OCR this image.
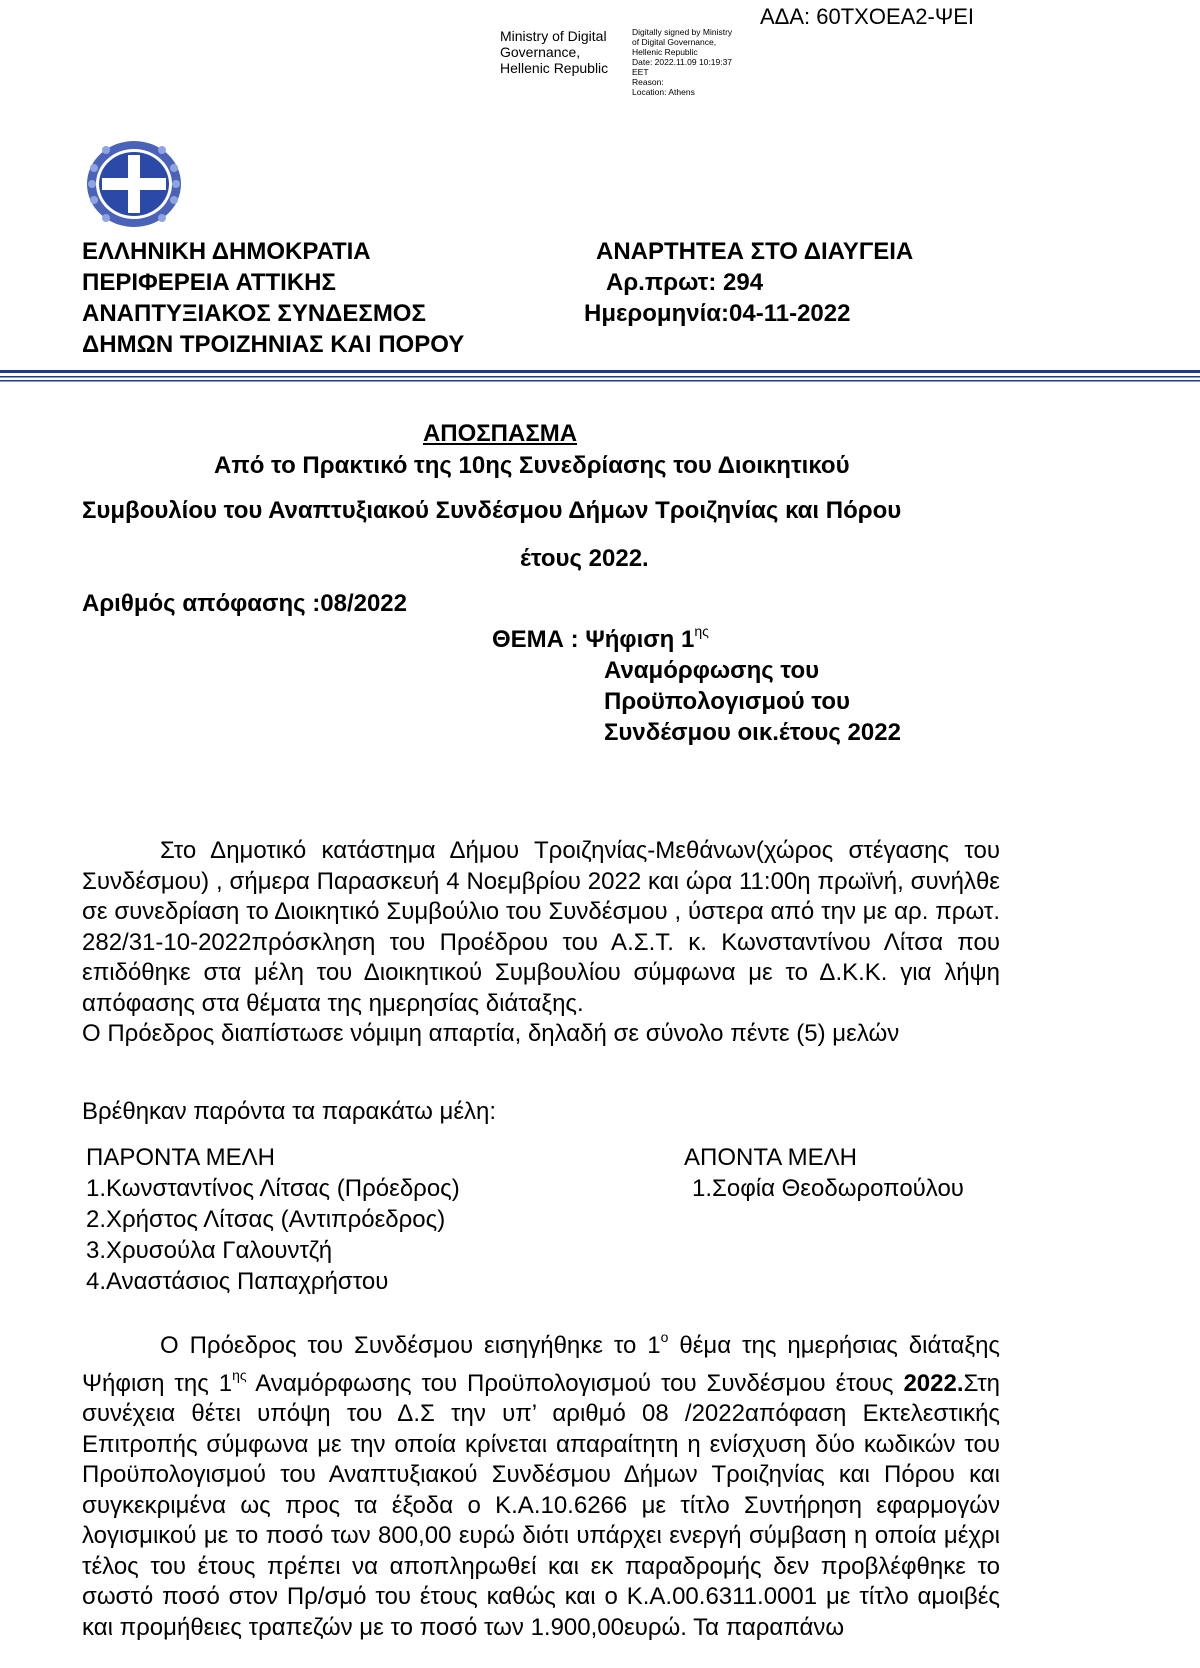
ΑΔΑ: 60ΤΧΟΕΑ2-ΨΕΙ
Ministry of Digital
Governance,
Hellenic Republic
Digitally signed by Ministry
of Digital Governance,
Hellenic Republic
Date: 2022.11.09 10:19:37
EET
Reason:
Location: Athens
ΕΛΛΗΝΙΚΗ ΔΗΜΟΚΡΑΤΙΑ
ΠΕΡΙΦΕΡΕΙΑ ΑΤΤΙΚΗΣ
ΑΝΑΠΤΥΞΙΑΚΟΣ ΣΥΝΔΕΣΜΟΣ
ΔΗΜΩΝ ΤΡΟΙΖΗΝΙΑΣ ΚΑΙ ΠΟΡΟΥ
ΑΝΑΡΤΗΤΕΑ ΣΤΟ ΔΙΑΥΓΕΙΑ
Αρ.πρωτ: 294
Ημερομηνία:04-11-2022
ΑΠΟΣΠΑΣΜΑ
Από το Πρακτικό της 10ης Συνεδρίασης του Διοικητικού
Συμβουλίου του Αναπτυξιακού Συνδέσμου Δήμων Τροιζηνίας και Πόρου
έτους 2022.
Αριθμός απόφασης :08/2022
ΘΕΜΑ : Ψήφιση $1^{\eta\varsigma}$
Αναμόρφωσης του
Προϋπολογισμού του
Συνδέσμου οικ.έτους 2022

Στο Δημοτικό κατάστημα Δήμου Τροιζηνίας-Μεθάνων(χώρος στέγασης του Συνδέσμου) , σήμερα Παρασκευή 4 Νοεμβρίου 2022 και ώρα 11:00η πρωϊνή, συνήλθε σε συνεδρίαση το Διοικητικό Συμβούλιο του Συνδέσμου , ύστερα από την με αρ. πρωτ. 282/31-10-2022πρόσκληση του Προέδρου του Α.Σ.Τ. κ. Κωνσταντίνου Λίτσα που επιδόθηκε στα μέλη του Διοικητικού Συμβουλίου σύμφωνα με το Δ.Κ.Κ. για λήψη απόφασης στα θέματα της ημερησίας διάταξης.

Ο Πρόεδρος διαπίστωσε νόμιμη απαρτία, δηλαδή σε σύνολο πέντε (5) μελών

Βρέθηκαν παρόντα τα παρακάτω μέλη:
ΠΑΡΟΝΤΑ ΜΕΛΗ
1.Κωνσταντίνος Λίτσας (Πρόεδρος)
2.Χρήστος Λίτσας (Αντιπρόεδρος)
3.Χρυσούλα Γαλουντζή
4.Αναστάσιος Παπαχρήστου
ΑΠΟΝΤΑ ΜΕΛΗ
1.Σοφία Θεοδωροπούλου

Ο Πρόεδρος του Συνδέσμου εισηγήθηκε το $1^o$ θέμα της ημερήσιας διάταξης Ψήφιση της $1^{\eta\varsigma}$ Αναμόρφωσης του Προϋπολογισμού του Συνδέσμου έτους 2022.Στη συνέχεια θέτει υπόψη του Δ.Σ την υπ’ αριθμό 08 /2022απόφαση Εκτελεστικής Επιτροπής σύμφωνα με την οποία κρίνεται απαραίτητη η ενίσχυση δύο κωδικών του Προϋπολογισμού του Αναπτυξιακού Συνδέσμου Δήμων Τροιζηνίας και Πόρου και συγκεκριμένα ως προς τα έξοδα ο Κ.Α.10.6266 με τίτλο Συντήρηση εφαρμογών λογισμικού με το ποσό των 800,00 ευρώ διότι υπάρχει ενεργή σύμβαση η οποία μέχρι τέλος του έτους πρέπει να αποπληρωθεί και εκ παραδρομής δεν προβλέφθηκε το σωστό ποσό στον Πρ/σμό του έτους καθώς και ο Κ.Α.00.6311.0001 με τίτλο αμοιβές και προμήθειες τραπεζών με το ποσό των 1.900,00ευρώ. Τα παραπάνω
